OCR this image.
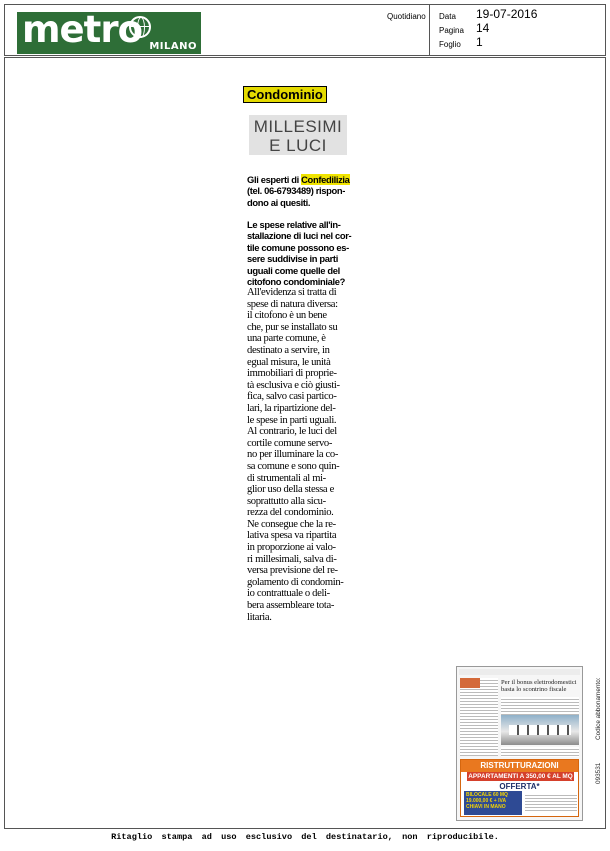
metro MILANO
Quotidiano Data 19-07-2016
Pagina 14
Foglio 1
Condominio
MILLESIMI
E LUCI
Gli esperti di Confedilizia
(tel. 06-6793489) rispon-
dono ai quesiti.
Le spese relative all'in-
stallazione di luci nel cor-
tile comune possono es-
sere suddivise in parti
uguali come quelle del
citofono condominiale?
All'evidenza si tratta di
spese di natura diversa:
il citofono è un bene
che, pur se installato su
una parte comune, è
destinato a servire, in
egual misura, le unità
immobiliari di proprie-
tà esclusiva e ciò giusti-
fica, salvo casi partico-
lari, la ripartizione del-
le spese in parti uguali.
Al contrario, le luci del
cortile comune servo-
no per illuminare la co-
sa comune e sono quin-
di strumentali al mi-
glior uso della stessa e
soprattutto alla sicu-
rezza del condominio.
Ne consegue che la re-
lativa spesa va ripartita
in proporzione ai valo-
ri millesimali, salva di-
versa previsione del re-
golamento di condomin-
io contrattuale o deli-
bera assembleare tota-
litaria.
Per il bonus elettrodomestici basta lo scontrino fiscale
RISTRUTTURAZIONI
APPARTAMENTI A 350,00 € AL MQ
OFFERTA*
BILOCALE 60 MQ 19.000,00 € + IVA CHIAVI IN MANO
Codice abbonamento:
093531
Ritaglio stampa ad uso esclusivo del destinatario, non riproducibile.
